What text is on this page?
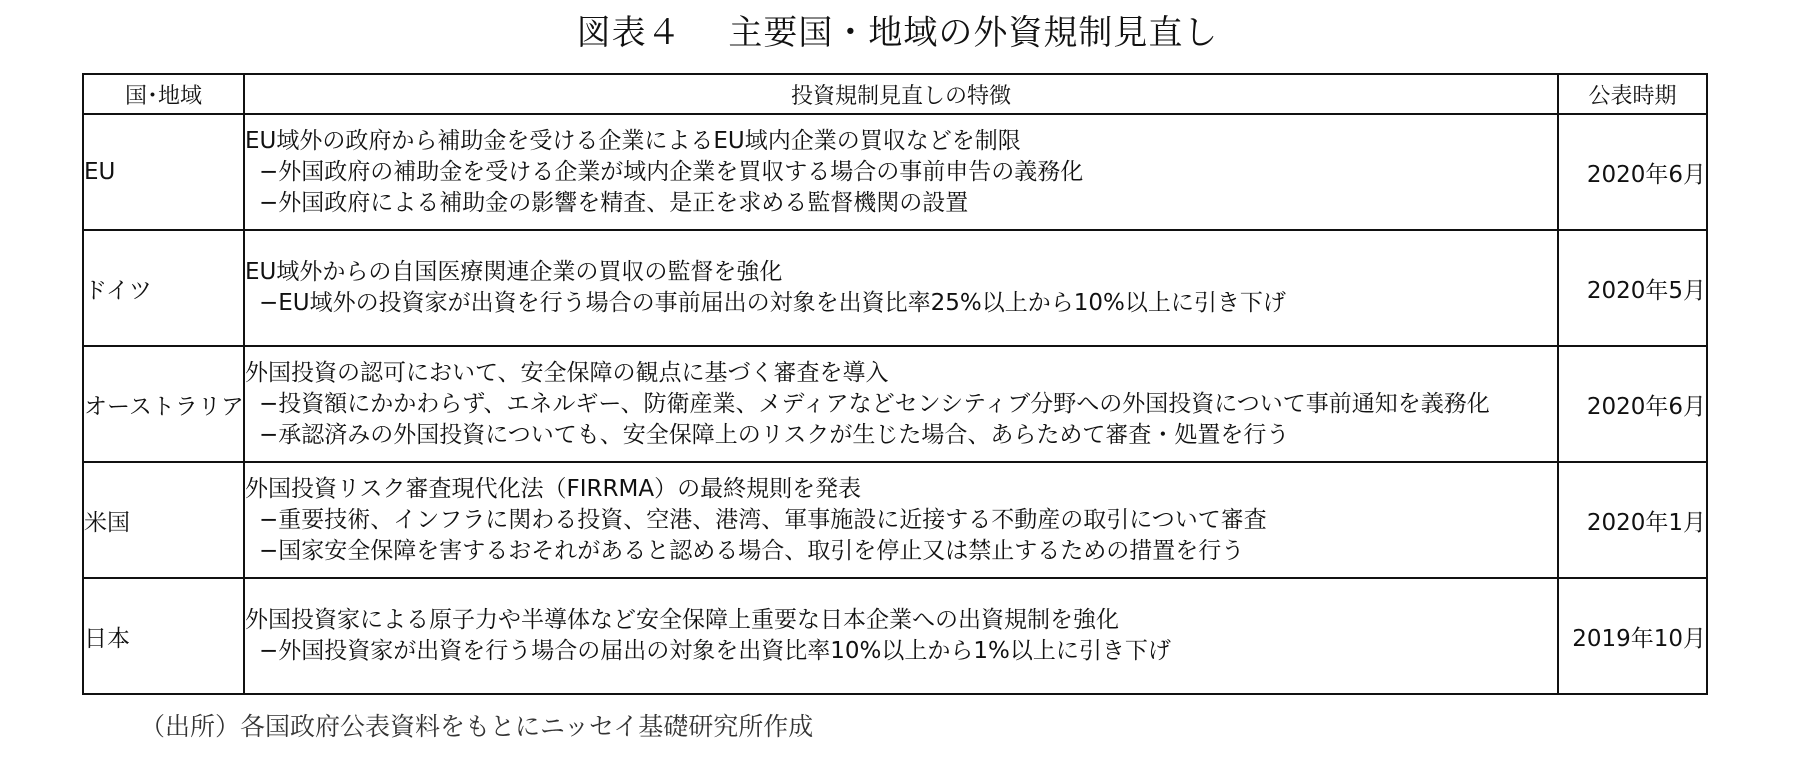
図表４　 主要国・地域の外資規制見直し
国･地域	投資規制見直しの特徴	公表時期
EU	EU域外の政府から補助金を受ける企業によるEU域内企業の買収などを制限
−外国政府の補助金を受ける企業が域内企業を買収する場合の事前申告の義務化
−外国政府による補助金の影響を精査、是正を求める監督機関の設置	2020年6月
ドイツ	EU域外からの自国医療関連企業の買収の監督を強化
−EU域外の投資家が出資を行う場合の事前届出の対象を出資比率25%以上から10%以上に引き下げ	2020年5月
オーストラリア	外国投資の認可において、安全保障の観点に基づく審査を導入
−投資額にかかわらず、エネルギー、防衛産業、メディアなどセンシティブ分野への外国投資について事前通知を義務化
−承認済みの外国投資についても、安全保障上のリスクが生じた場合、あらためて審査・処置を行う	2020年6月
米国	外国投資リスク審査現代化法（FIRRMA）の最終規則を発表
−重要技術、インフラに関わる投資、空港、港湾、軍事施設に近接する不動産の取引について審査
−国家安全保障を害するおそれがあると認める場合、取引を停止又は禁止するための措置を行う	2020年1月
日本	外国投資家による原子力や半導体など安全保障上重要な日本企業への出資規制を強化
−外国投資家が出資を行う場合の届出の対象を出資比率10%以上から1%以上に引き下げ	2019年10月
（出所）各国政府公表資料をもとにニッセイ基礎研究所作成
